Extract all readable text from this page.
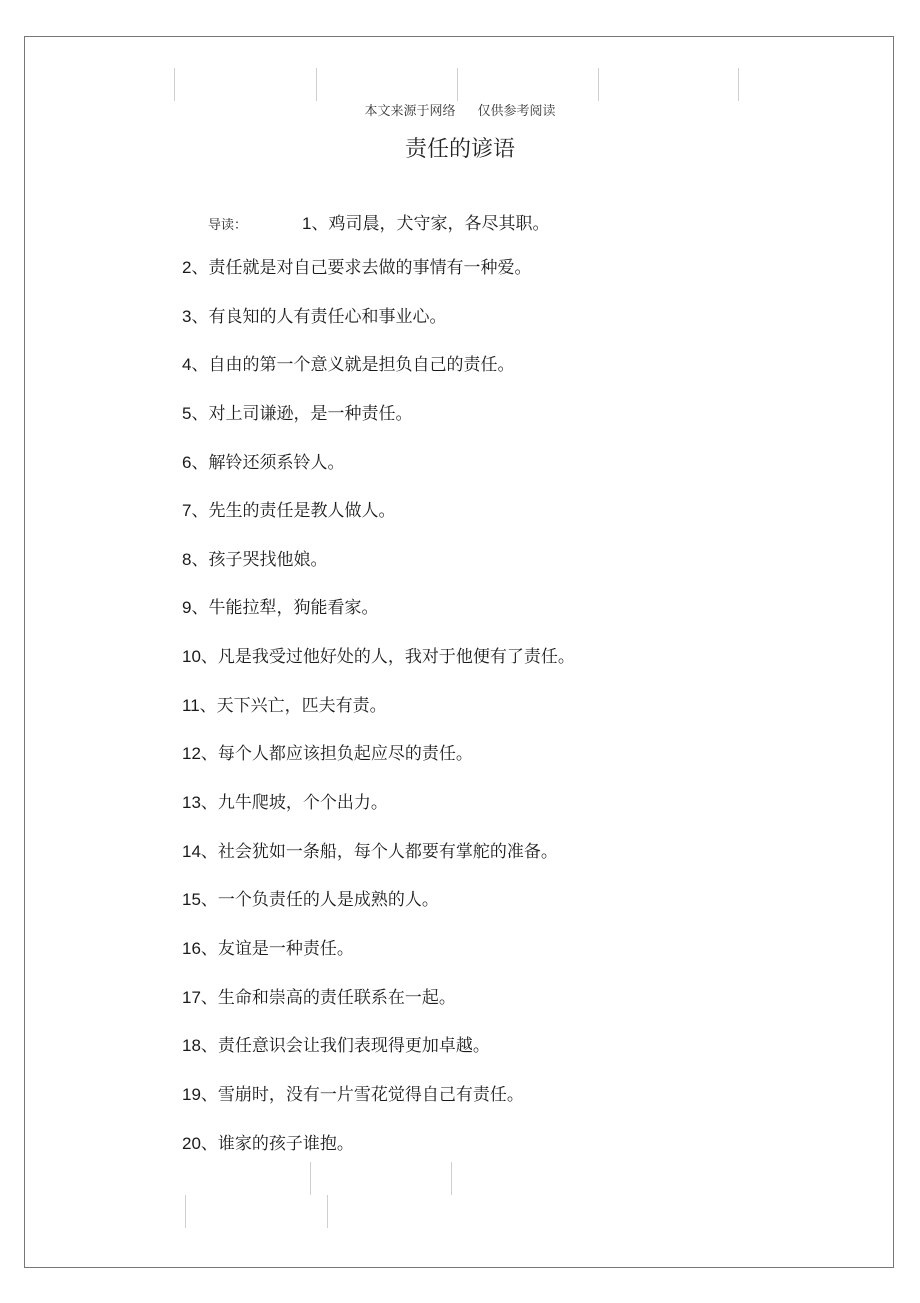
本文来源于网络 仅供参考阅读
责任的谚语
导读：	1、鸡司晨，犬守家，各尽其职。
2、责任就是对自己要求去做的事情有一种爱。
3、有良知的人有责任心和事业心。
4、自由的第一个意义就是担负自己的责任。
5、对上司谦逊，是一种责任。
6、解铃还须系铃人。
7、先生的责任是教人做人。
8、孩子哭找他娘。
9、牛能拉犁，狗能看家。
10、凡是我受过他好处的人，我对于他便有了责任。
11、天下兴亡，匹夫有责。
12、每个人都应该担负起应尽的责任。
13、九牛爬坡，个个出力。
14、社会犹如一条船，每个人都要有掌舵的准备。
15、一个负责任的人是成熟的人。
16、友谊是一种责任。
17、生命和崇高的责任联系在一起。
18、责任意识会让我们表现得更加卓越。
19、雪崩时，没有一片雪花觉得自己有责任。
20、谁家的孩子谁抱。
